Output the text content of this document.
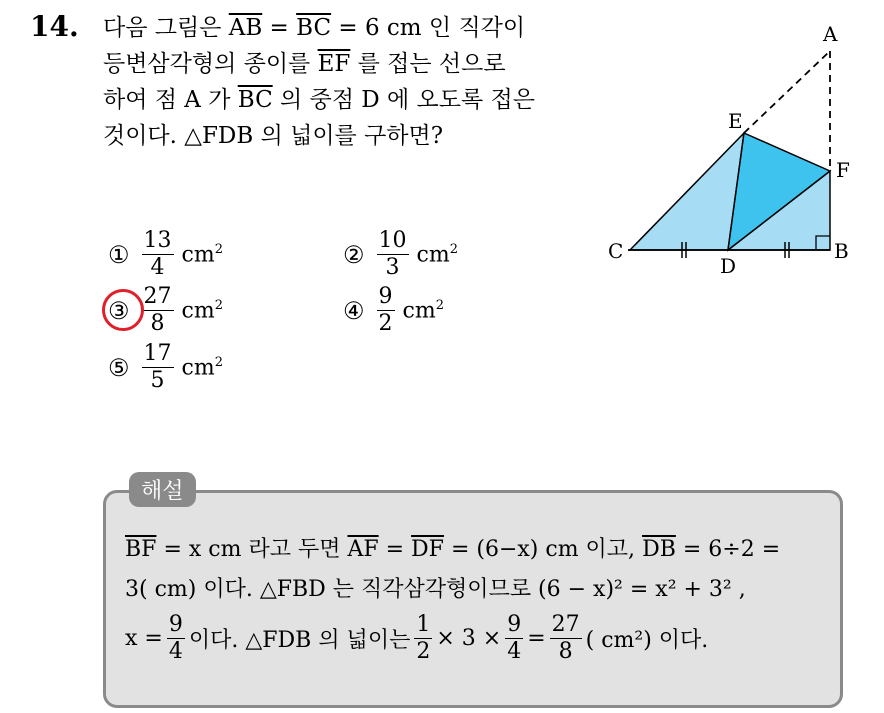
14. 다음 그림은 $\overline{AB} = \overline{BC} = 6$ cm 인 직각이
등변삼각형의 종이를 $\overline{EF}$ 를 접는 선으로
하여 점 A 가 $\overline{BC}$ 의 중점 D 에 오도록 접은
것이다. △FDB 의 넓이를 구하면?
① $\frac{13}{4} cm^2$	② $\frac{10}{3} cm^2$
③ $\frac{27}{8} cm^2$	④ $\frac{9}{2} cm^2$
⑤ $\frac{17}{5} cm^2$
A
E
F
C
D
B
해설
$\overline{BF} = x$ cm 라고 두면 $\overline{AF} = \overline{DF} = (6-x)$ cm 이고, $\overline{DB} = 6\div 2$ =
3( cm) 이다. △FBD 는 직각삼각형이므로 (6 − x)² = x² + 3² ,
$x = \frac{9}{4}$ 이다. △FDB 의 넓이는 $\frac{1}{2} \times 3 \times \frac{9}{4} = \frac{27}{8}$ ( cm²) 이다.
